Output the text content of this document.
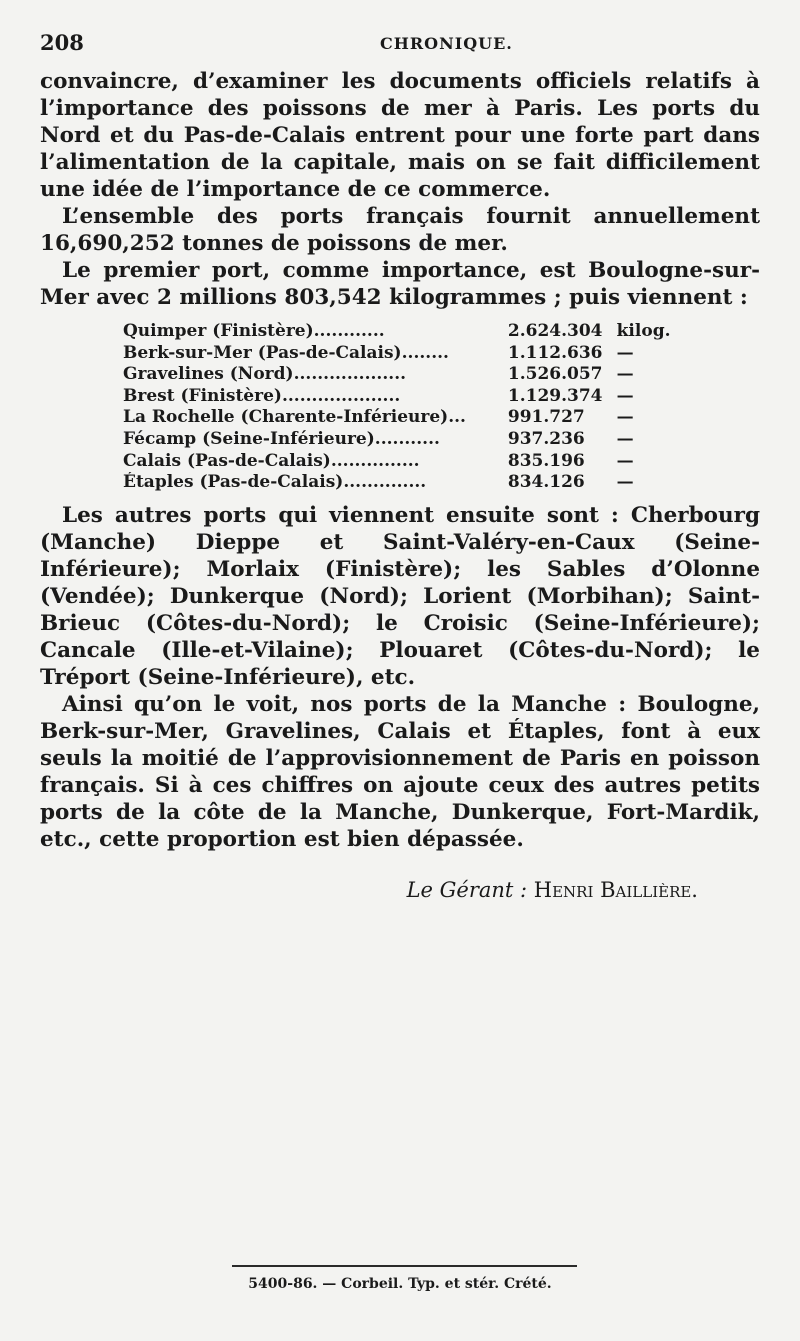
208	CHRONIQUE.

convaincre, d’examiner les documents officiels relatifs à l’importance des poissons de mer à Paris. Les ports du Nord et du Pas-de-Calais entrent pour une forte part dans l’alimentation de la capitale, mais on se fait difficilement une idée de l’importance de ce commerce.

L’ensemble des ports français fournit annuellement 16,690,252 tonnes de poissons de mer.

Le premier port, comme importance, est Boulogne-sur-Mer avec 2 millions 803,542 kilogrammes ; puis viennent :

Quimper (Finistère)............	2.624.304	kilog.
Berk-sur-Mer (Pas-de-Calais)........	1.112.636	—
Gravelines (Nord)...................	1.526.057	—
Brest (Finistère)....................	1.129.374	—
La Rochelle (Charente-Inférieure)...	991.727	—
Fécamp (Seine-Inférieure)...........	937.236	—
Calais (Pas-de-Calais)...............	835.196	—
Étaples (Pas-de-Calais)..............	834.126	—

Les autres ports qui viennent ensuite sont : Cherbourg (Manche) Dieppe et Saint-Valéry-en-Caux (Seine-Inférieure); Morlaix (Finistère); les Sables d’Olonne (Vendée); Dunkerque (Nord); Lorient (Morbihan); Saint-Brieuc (Côtes-du-Nord); le Croisic (Seine-Inférieure); Cancale (Ille-et-Vilaine); Plouaret (Côtes-du-Nord); le Tréport (Seine-Inférieure), etc.

Ainsi qu’on le voit, nos ports de la Manche : Boulogne, Berk-sur-Mer, Gravelines, Calais et Étaples, font à eux seuls la moitié de l’approvisionnement de Paris en poisson français. Si à ces chiffres on ajoute ceux des autres petits ports de la côte de la Manche, Dunkerque, Fort-Mardik, etc., cette proportion est bien dépassée.

Le Gérant : Henri Baillière.
5400-86. — Corbeil. Typ. et stér. Crété.
